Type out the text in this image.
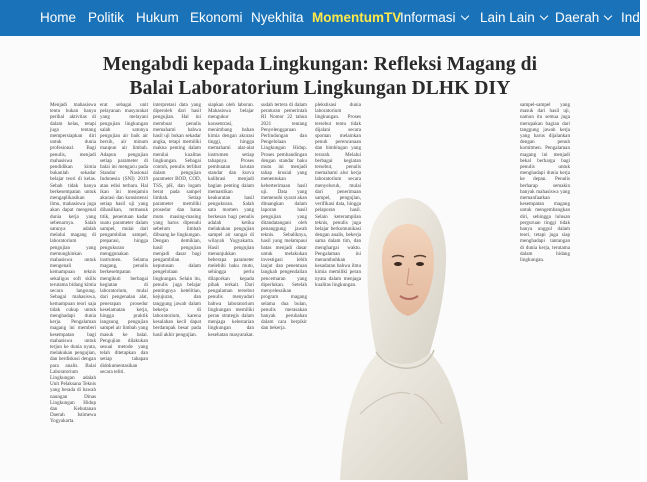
Home Politik Hukum Ekonomi Nyekhita MomentumTV
Informasi	Lain Lain	Daerah	Inde
Mengabdi kepada Lingkungan: Refleksi Magang di
Balai Laboratorium Lingkungan DLHK DIY

Menjadi mahasiswa tentu bukan hanya perihal aktivitas di dalam kelas, tetapi juga tentang mempersiapkan diri untuk dunia profesional. Bagi penulis, menjadi mahasiswa pendidikan kimia bukanlah sekadar belajar teori di kelas. Sebab tidak hanya berkesempatan untuk mengaplikasikan ilmu, mahasiswa juga akan dapat mengenal dunia kerja yang sebenarnya. Salah satunya adalah melalui magang di laboratorium pengujian yang memungkinkan mahasiswa untuk mengenali kemampuan teknis sekaligus soft skills terutama bidang kimia secara langsung. Sebagai mahasiswa, kemampuan teori saja tidak cukup untuk menghadapi dunia kerja. Pengalaman magang ini memberi kesempatan bagi mahasiswa untuk terjun ke dunia nyata, melakukan pengujian, dan berdiskusi dengan para analis. Balai Laboratorium Lingkungan adalah Unit Pelaksana Teknis yang berada di bawah naungan Dinas Lingkungan Hidup dan Kehutanan Daerah Istimewa Yogyakarta.

erat sebagai unit pelayanan masyarakat yang melayani pengujian lingkungan salah satunya pengujian air baik air bersih, air minum maupun air limbah. Adapun pengujian setiap parameter di balai ini mengacu pada Standar Nasional Indonesia (SNI) 2019 atau edisi terbaru. Hal ikan ini menjamin akurasi dan konsistensi setiap hasil uji yang dihasilkan, termasuk titik, penentuan kadar suatu parameter dalam sampel, mulai dari pengambilan sampel, preparasi, hingga pengukuran menggunakan instrumen. Selama magang, penulis berkesempatan mengikuti berbagai kegiatan di laboratorium, mulai dari pengenalan alat, penerapan prosedur keselamatan kerja, hingga praktik langsung pengujian sampel air limbah yang masuk ke balai. Pengujian dilakukan sesuai metode yang telah ditetapkan dan setiap tahapan didokumentasikan secara teliti.

interpretasi data yang diperoleh dari hasil pengujian. Hal ini membuat penulis memahami bahwa hasil uji bukan sekadar angka, tetapi memiliki makna penting dalam menilai kualitas lingkungan. Sebagai contoh, penulis terlibat dalam pengujian parameter BOD, COD, TSS, pH, dan logam berat pada sampel limbah. Setiap parameter memiliki prosedur dan batas mutu masing-masing yang harus dipenuhi sebelum limbah dibuang ke lingkungan. Dengan demikian, hasil pengujian menjadi dasar bagi pengambilan keputusan dalam pengelolaan lingkungan. Selain itu, penulis juga belajar pentingnya ketelitian, kejujuran, dan tanggung jawab dalam bekerja di laboratorium, karena kesalahan kecil dapat berdampak besar pada hasil akhir pengujian.

siapkan oleh laboran. Mahasiswa belajar mengukur konsentrasi, menimbang bahan kimia dengan akurasi tinggi, hingga memahami alat-alat instrumen setiap tahapnya. Proses pembuatan larutan standar dan kurva kalibrasi menjadi bagian penting dalam memastikan keakuratan hasil pengukuran. Salah satu momen yang berkesan bagi penulis adalah ketika melakukan pengujian sampel air sungai di wilayah Yogyakarta. Hasil pengujian menunjukkan beberapa parameter melebihi baku mutu, sehingga perlu dilaporkan kepada pihak terkait. Dari pengalaman tersebut penulis menyadari bahwa laboratorium lingkungan memiliki peran strategis dalam menjaga kelestarian lingkungan dan kesehatan masyarakat.

sudah tertera di dalam peraturan pemerintah RI Nomor 22 tahun 2021 tentang Penyelenggaraan Perlindungan dan Pengelolaan Lingkungan Hidup. Proses pembandingan dengan standar baku mutu ini menjadi tahap krusial yang menentukan keberterimaan hasil uji. Data yang memenuhi syarat akan dituangkan dalam laporan hasil pengujian yang ditandatangani oleh penanggung jawab teknis. Sebaliknya, hasil yang melampaui batas menjadi dasar untuk melakukan investigasi lebih lanjut dan penentuan langkah pengendalian pencemaran yang diperlukan. Setelah menyelesaikan program magang selama dua bulan, penulis merasakan banyak perubahan dalam cara berpikir dan bekerja.

plekstisasi dunia laboratorium lingkungan. Proses tersebut tentu tidak dijalani secara spontan melainkan penuh perencanaan dan bimbingan yang terarah. Melalui berbagai kegiatan tersebut, penulis memahami alur kerja laboratorium secara menyeluruh, mulai dari penerimaan sampel, pengujian, verifikasi data, hingga pelaporan hasil. Selain keterampilan teknis, penulis juga belajar berkomunikasi dengan analis, bekerja sama dalam tim, dan menghargai waktu. Pengalaman ini menumbuhkan kesadaran bahwa ilmu kimia memiliki peran nyata dalam menjaga kualitas lingkungan.

sampel-sampel yang masuk dari hasil uji, namun itu semua juga merupakan bagian dari tanggung jawab kerja yang harus dijalankan dengan penuh komitmen. Pengalaman magang ini menjadi bekal berharga bagi penulis untuk menghadapi dunia kerja ke depan. Penulis berharap semakin banyak mahasiswa yang memanfaatkan kesempatan magang untuk mengembangkan diri, sehingga lulusan perguruan tinggi tidak hanya unggul dalam teori, tetapi juga siap menghadapi tantangan di dunia kerja, terutama dalam bidang lingkungan.
